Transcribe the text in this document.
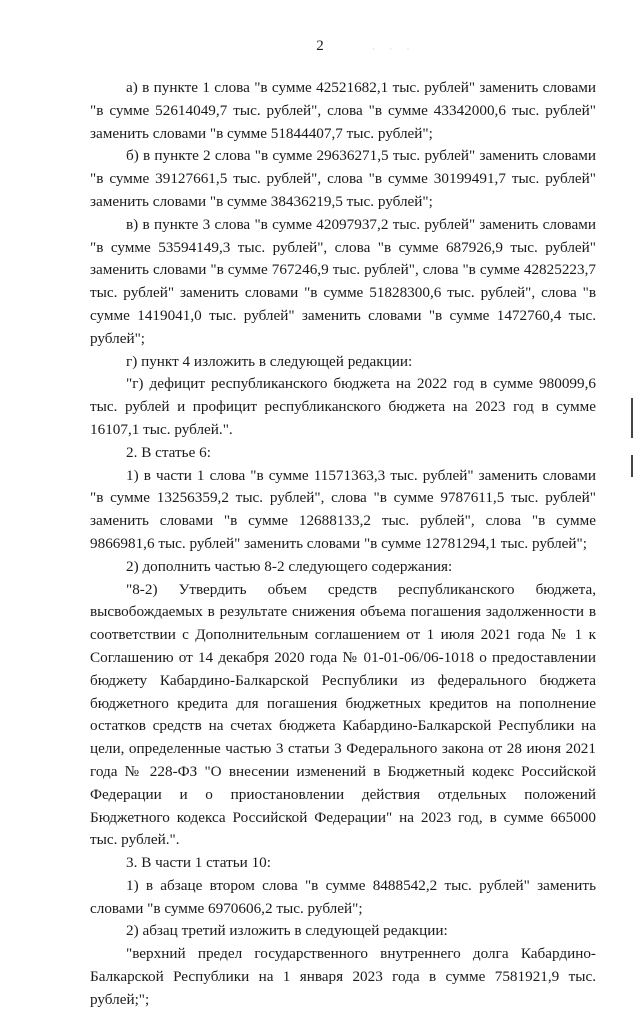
2	· · ·

а) в пункте 1 слова "в сумме 42521682,1 тыс. рублей" заменить словами "в сумме 52614049,7 тыс. рублей", слова "в сумме 43342000,6 тыс. рублей" заменить словами "в сумме 51844407,7 тыс. рублей";

б) в пункте 2 слова "в сумме 29636271,5 тыс. рублей" заменить словами "в сумме 39127661,5 тыс. рублей", слова "в сумме 30199491,7 тыс. рублей" заменить словами "в сумме 38436219,5 тыс. рублей";

в) в пункте 3 слова "в сумме 42097937,2 тыс. рублей" заменить словами "в сумме 53594149,3 тыс. рублей", слова "в сумме 687926,9 тыс. рублей" заменить словами "в сумме 767246,9 тыс. рублей", слова "в сумме 42825223,7 тыс. рублей" заменить словами "в сумме 51828300,6 тыс. рублей", слова "в сумме 1419041,0 тыс. рублей" заменить словами "в сумме 1472760,4 тыс. рублей";

г) пункт 4 изложить в следующей редакции:

"г) дефицит республиканского бюджета на 2022 год в сумме 980099,6 тыс. рублей и профицит республиканского бюджета на 2023 год в сумме 16107,1 тыс. рублей.".

2. В статье 6:

1) в части 1 слова "в сумме 11571363,3 тыс. рублей" заменить словами "в сумме 13256359,2 тыс. рублей", слова "в сумме 9787611,5 тыс. рублей" заменить словами "в сумме 12688133,2 тыс. рублей", слова "в сумме 9866981,6 тыс. рублей" заменить словами "в сумме 12781294,1 тыс. рублей";

2) дополнить частью 8-2 следующего содержания:

"8-2) Утвердить объем средств республиканского бюджета, высвобождаемых в результате снижения объема погашения задолженности в соответствии с Дополнительным соглашением от 1 июля 2021 года № 1 к Соглашению от 14 декабря 2020 года № 01-01-06/06-1018 о предоставлении бюджету Кабардино-Балкарской Республики из федерального бюджета бюджетного кредита для погашения бюджетных кредитов на пополнение остатков средств на счетах бюджета Кабардино-Балкарской Республики на цели, определенные частью 3 статьи 3 Федерального закона от 28 июня 2021 года № 228-ФЗ "О внесении изменений в Бюджетный кодекс Российской Федерации и о приостановлении действия отдельных положений Бюджетного кодекса Российской Федерации" на 2023 год, в сумме 665000 тыс. рублей.".

3. В части 1 статьи 10:

1) в абзаце втором слова "в сумме 8488542,2 тыс. рублей" заменить словами "в сумме 6970606,2 тыс. рублей";

2) абзац третий изложить в следующей редакции:

"верхний предел государственного внутреннего долга Кабардино-Балкарской Республики на 1 января 2023 года в сумме 7581921,9 тыс. рублей;";
